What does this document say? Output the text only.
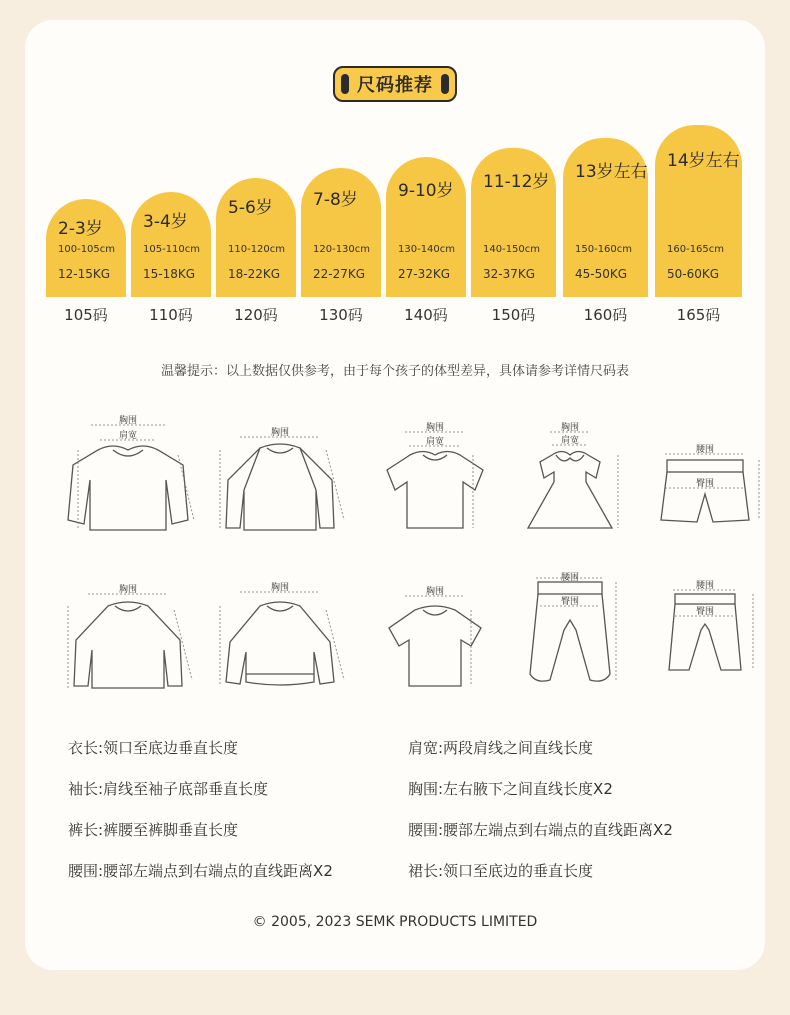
尺码推荐
2-3岁
100-105cm
12-15KG
105码
3-4岁
105-110cm
15-18KG
110码
5-6岁
110-120cm
18-22KG
120码
7-8岁
120-130cm
22-27KG
130码
9-10岁
130-140cm
27-32KG
140码
11-12岁
140-150cm
32-37KG
150码
13岁左右
150-160cm
45-50KG
160码
14岁左右
160-165cm
50-60KG
165码
温馨提示：以上数据仅供参考，由于每个孩子的体型差异，具体请参考详情尺码表
胸围
肩宽	胸围	胸围
肩宽
胸围
肩宽
腰围
臀围
胸围	胸围	胸围
腰围
臀围
腰围
臀围
衣长:领口至底边垂直长度	肩宽:两段肩线之间直线长度
袖长:肩线至袖子底部垂直长度	胸围:左右腋下之间直线长度X2
裤长:裤腰至裤脚垂直长度	腰围:腰部左端点到右端点的直线距离X2
腰围:腰部左端点到右端点的直线距离X2	裙长:领口至底边的垂直长度
© 2005, 2023 SEMK PRODUCTS LIMITED
